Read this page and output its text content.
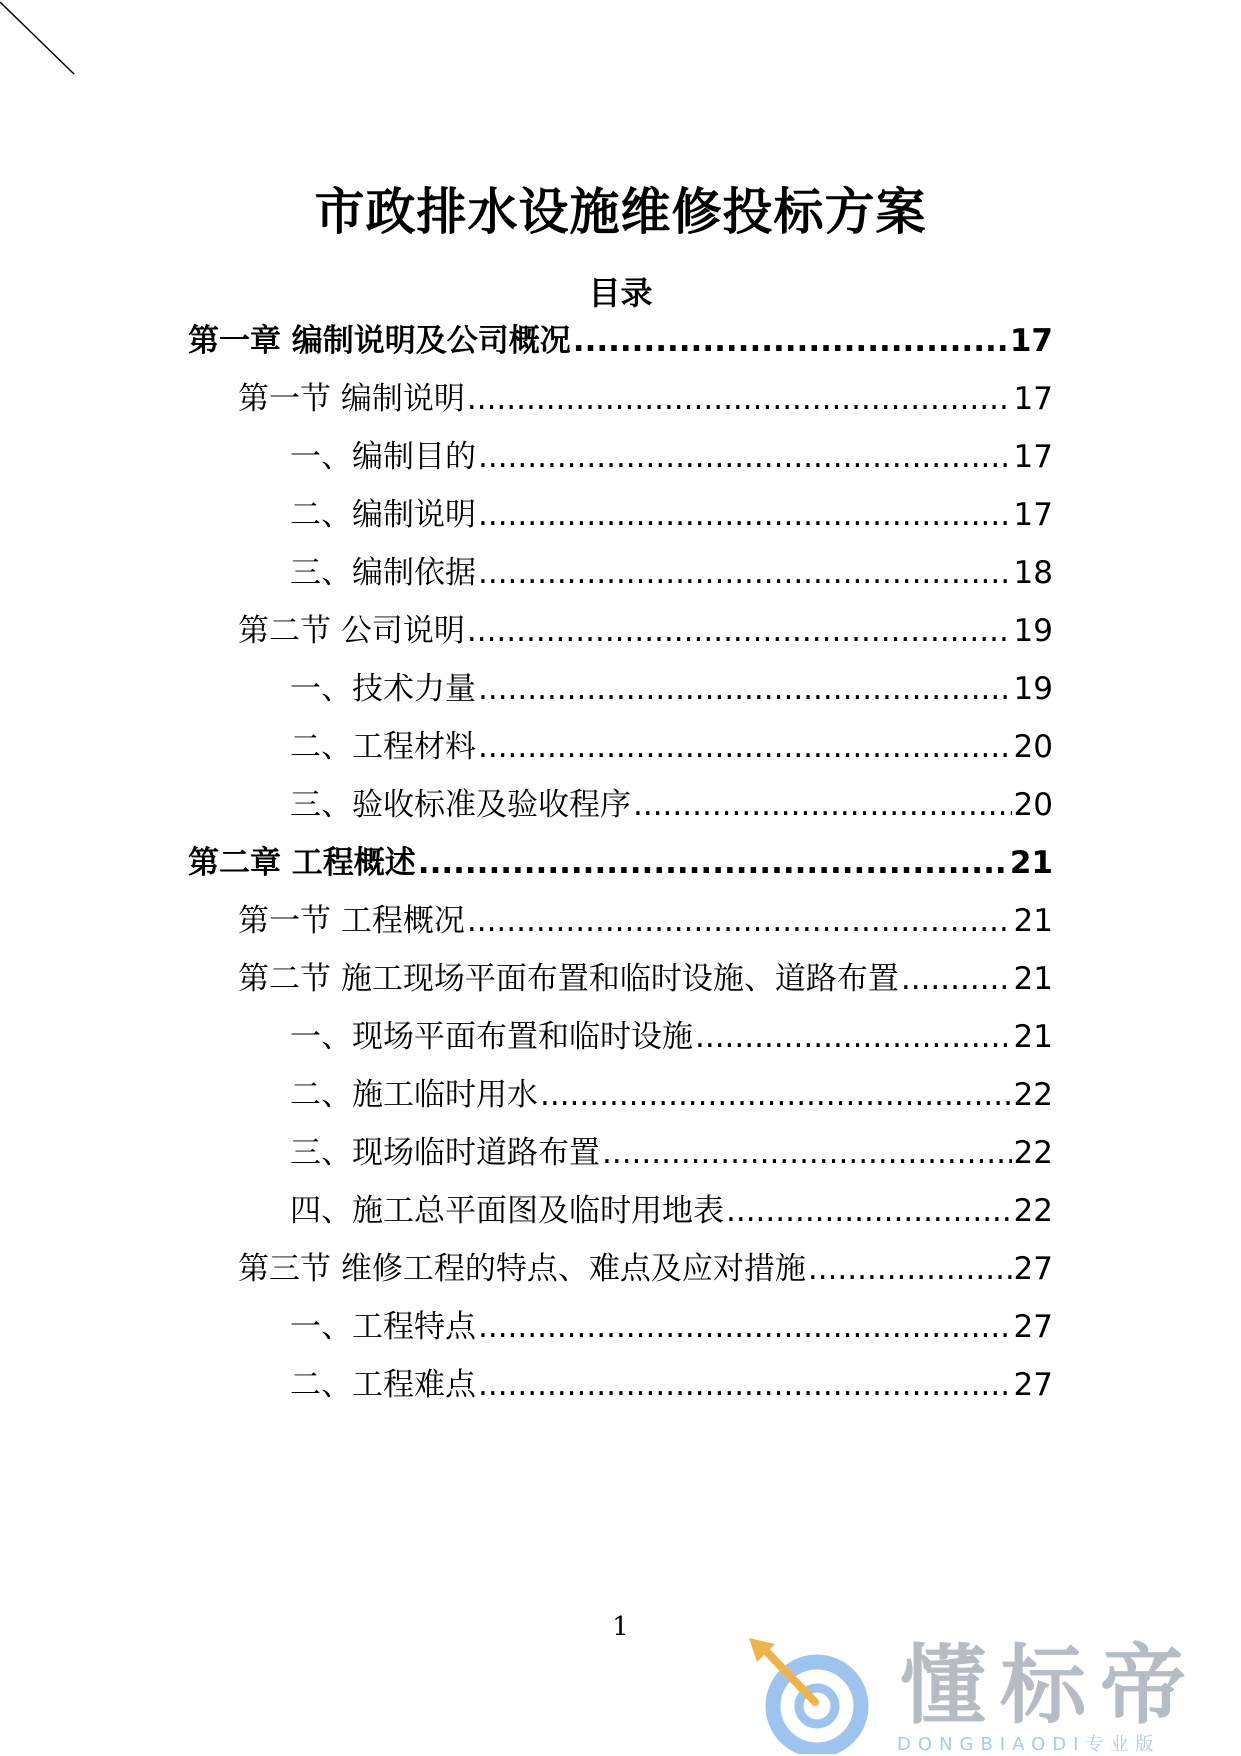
市政排水设施维修投标方案
目录
第一章 编制说明及公司概况 .....	17
第一节 编制说明 .....	17
一、编制目的 .....	17
二、编制说明 .....	17
三、编制依据 .....	18
第二节 公司说明 .....	19
一、技术力量 .....	19
二、工程材料 .....	20
三、验收标准及验收程序 .....	20
第二章 工程概述 .....	21
第一节 工程概况 .....	21
第二节 施工现场平面布置和临时设施、道路布置 .....	21
一、现场平面布置和临时设施 .....	21
二、施工临时用水 .....	22
三、现场临时道路布置 .....	22
四、施工总平面图及临时用地表 .....	22
第三节 维修工程的特点、难点及应对措施 .....	27
一、工程特点 .....	27
二、工程难点 .....	27
1
懂标帝
DONGBIAODI专业版
